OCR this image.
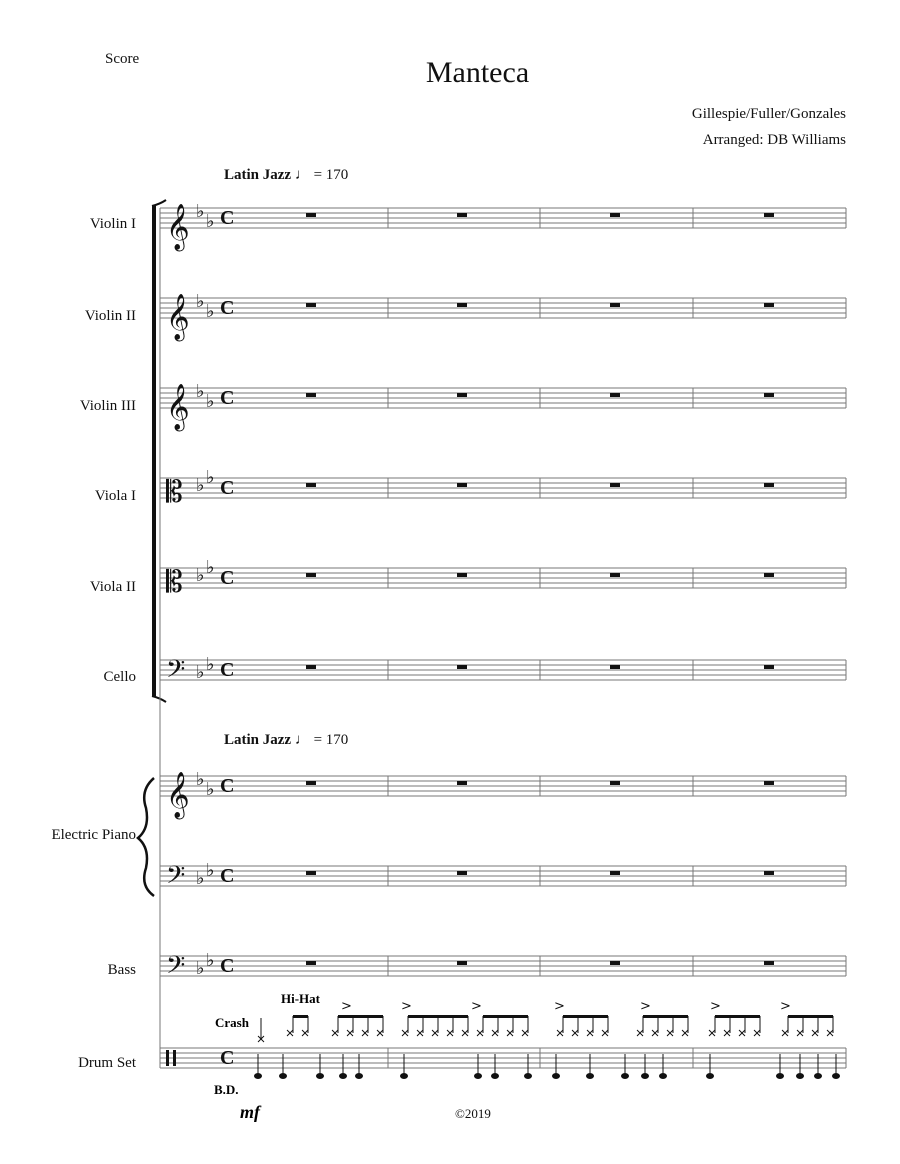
Score	Manteca
Gillespie/Fuller/Gonzales
Arranged: DB Williams
Latin Jazz ♩ = 170
Latin Jazz ♩ = 170
Violin I
Violin II
Violin III
Viola I
Viola II
Cello
Electric Piano
Bass
Drum Set
𝄞 ♭ ♭ C
𝄞 ♭ ♭ C
𝄞 ♭ ♭ C
𝄡 ♭ ♭ C
𝄡 ♭ ♭ C
𝄢 ♭ ♭ C
𝄞 ♭ ♭ C
𝄢 ♭ ♭ C
𝄢 ♭ ♭ C
C
>	>	>	>	>	>	>
Crash
Hi-Hat
B.D.
mf	©2019
